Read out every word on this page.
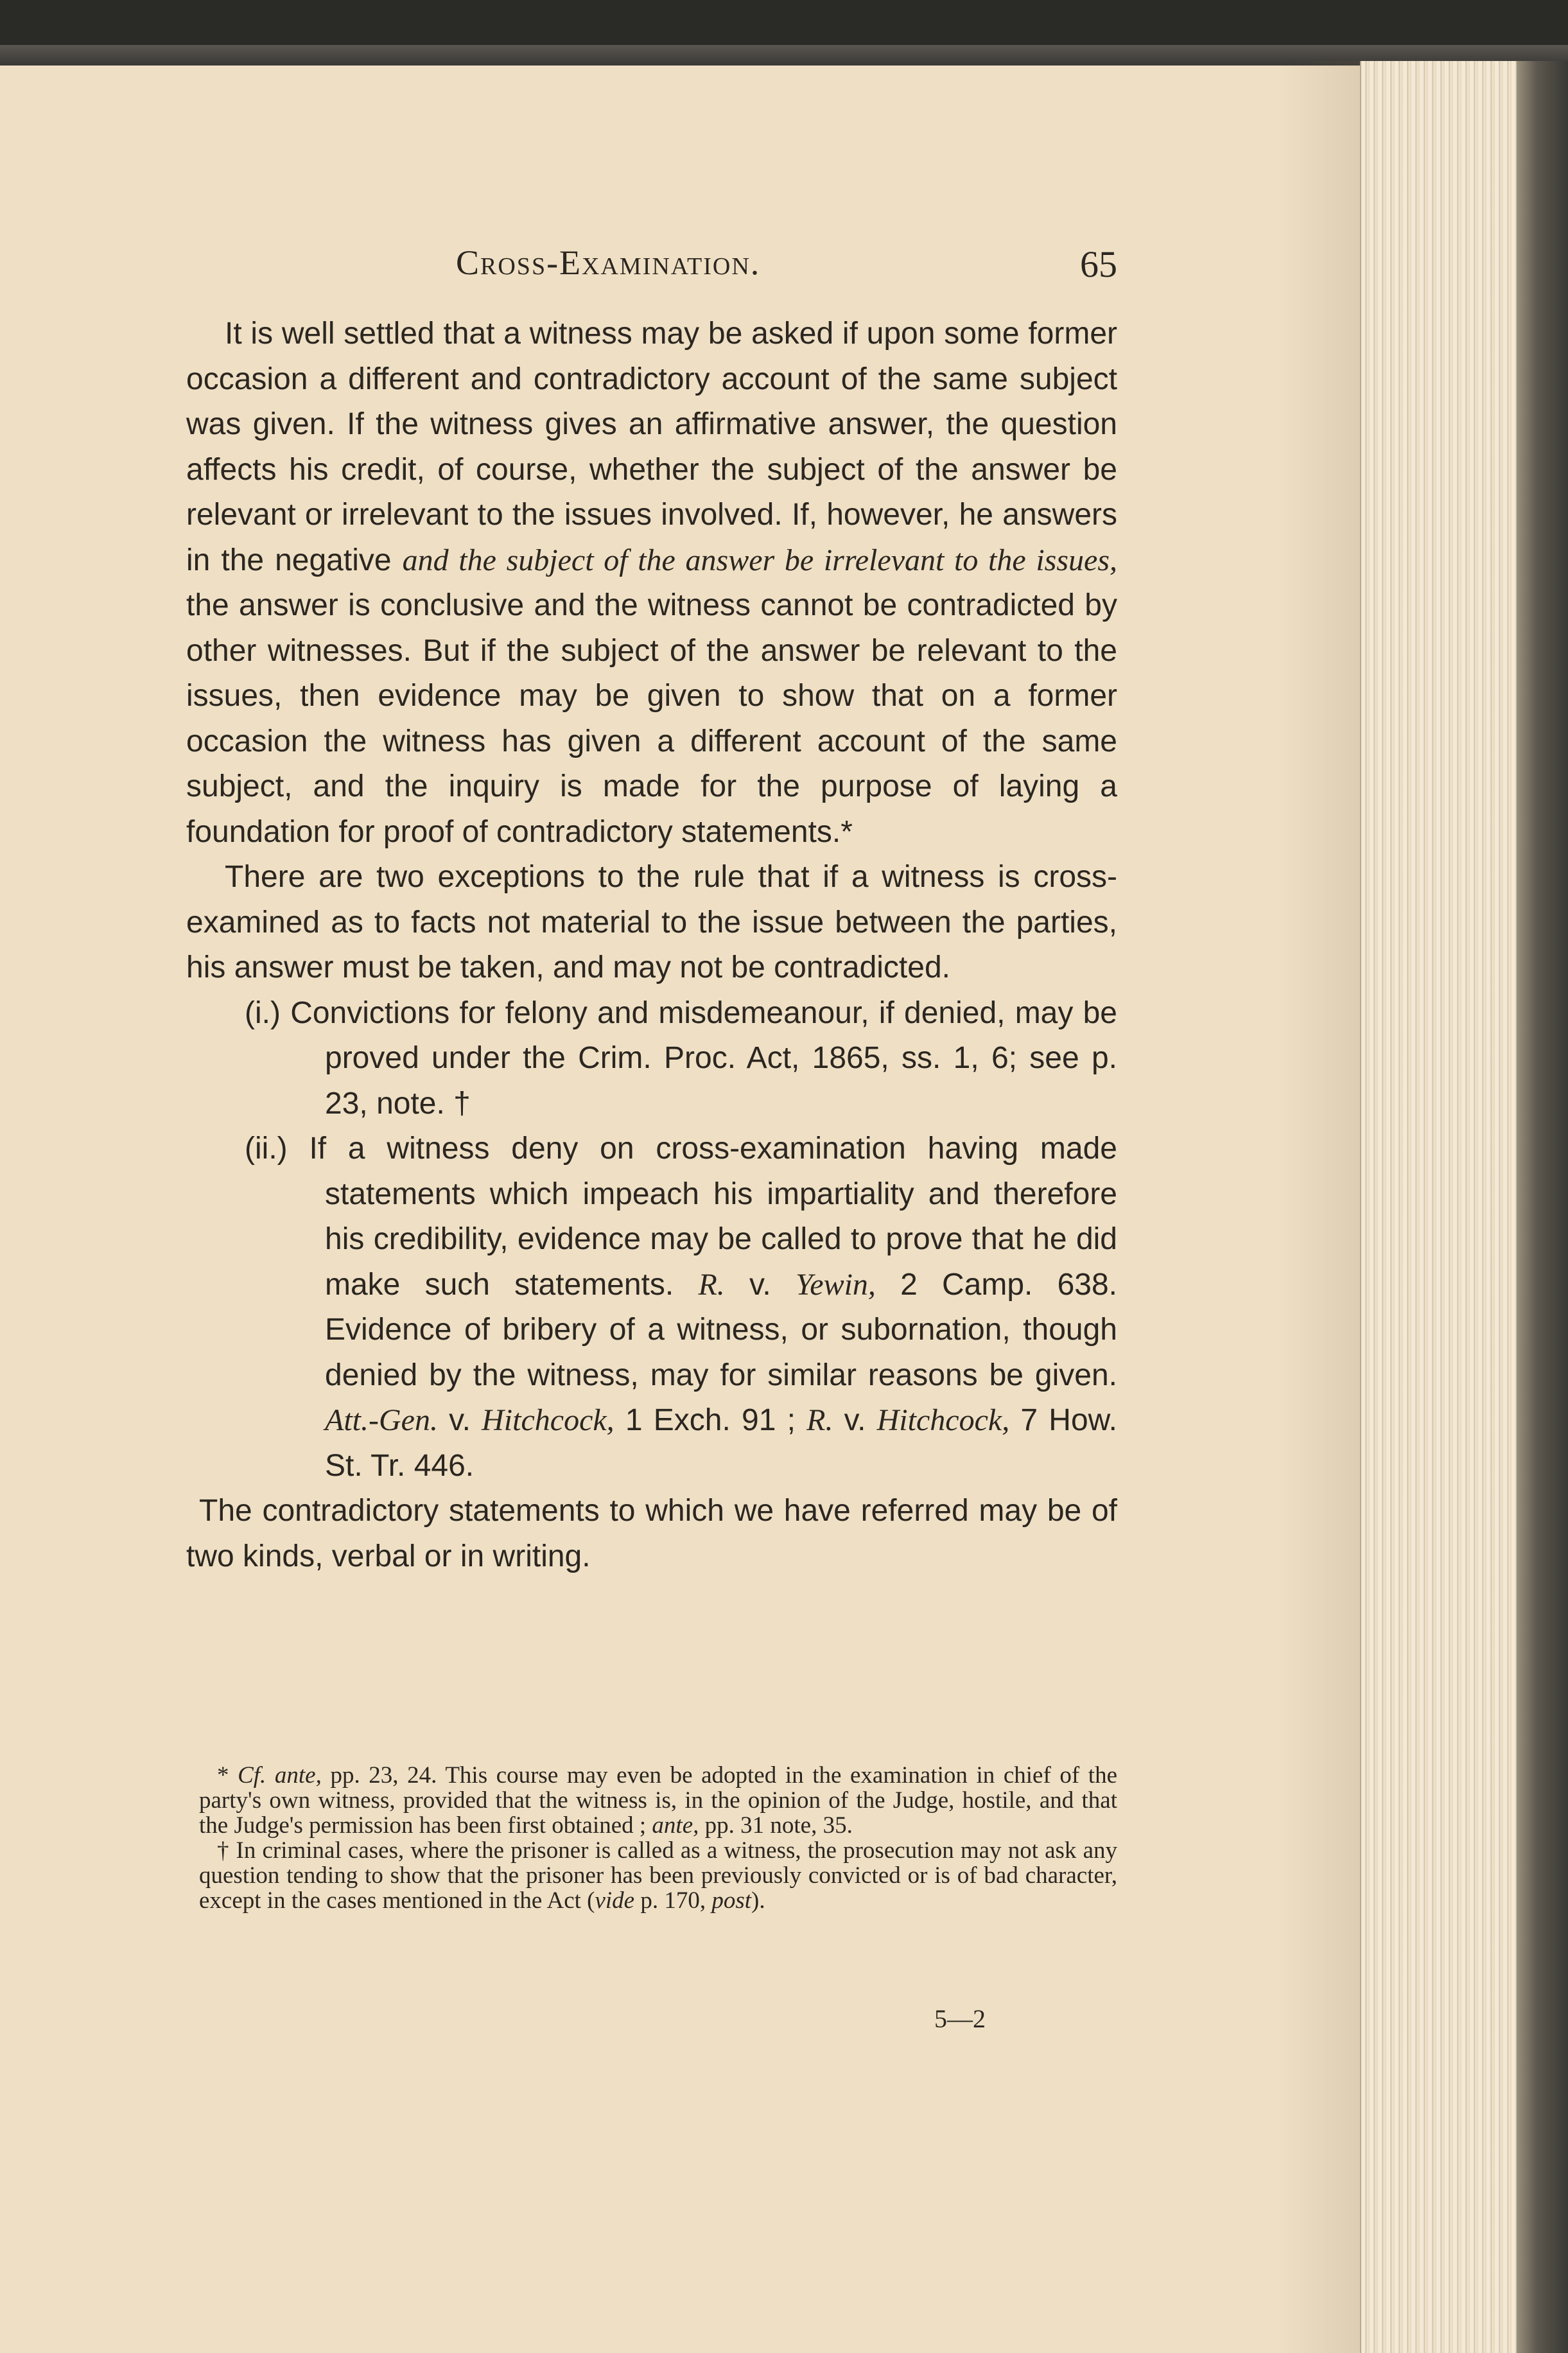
Cross-Examination.	65

It is well settled that a witness may be asked if upon some former occasion a different and contradictory account of the same subject was given. If the witness gives an affirmative answer, the question affects his credit, of course, whether the subject of the answer be relevant or irrelevant to the issues involved. If, however, he answers in the negative and the subject of the answer be irrelevant to the issues, the answer is conclusive and the witness cannot be contradicted by other witnesses. But if the subject of the answer be relevant to the issues, then evidence may be given to show that on a former occasion the witness has given a different account of the same subject, and the inquiry is made for the purpose of laying a foundation for proof of contradictory statements.*

There are two exceptions to the rule that if a witness is cross-examined as to facts not material to the issue between the parties, his answer must be taken, and may not be contradicted.

(i.) Convictions for felony and misdemeanour, if denied, may be proved under the Crim. Proc. Act, 1865, ss. 1, 6; see p. 23, note. †

(ii.) If a witness deny on cross-examination having made statements which impeach his impartiality and therefore his credibility, evidence may be called to prove that he did make such statements. R. v. Yewin, 2 Camp. 638. Evidence of bribery of a witness, or subornation, though denied by the witness, may for similar reasons be given. Att.-Gen. v. Hitchcock, 1 Exch. 91 ; R. v. Hitchcock, 7 How. St. Tr. 446.

The contradictory statements to which we have referred may be of two kinds, verbal or in writing.

* Cf. ante, pp. 23, 24. This course may even be adopted in the examination in chief of the party's own witness, provided that the witness is, in the opinion of the Judge, hostile, and that the Judge's permission has been first obtained ; ante, pp. 31 note, 35.

† In criminal cases, where the prisoner is called as a witness, the prosecution may not ask any question tending to show that the prisoner has been previously convicted or is of bad character, except in the cases mentioned in the Act (vide p. 170, post).

5—2
